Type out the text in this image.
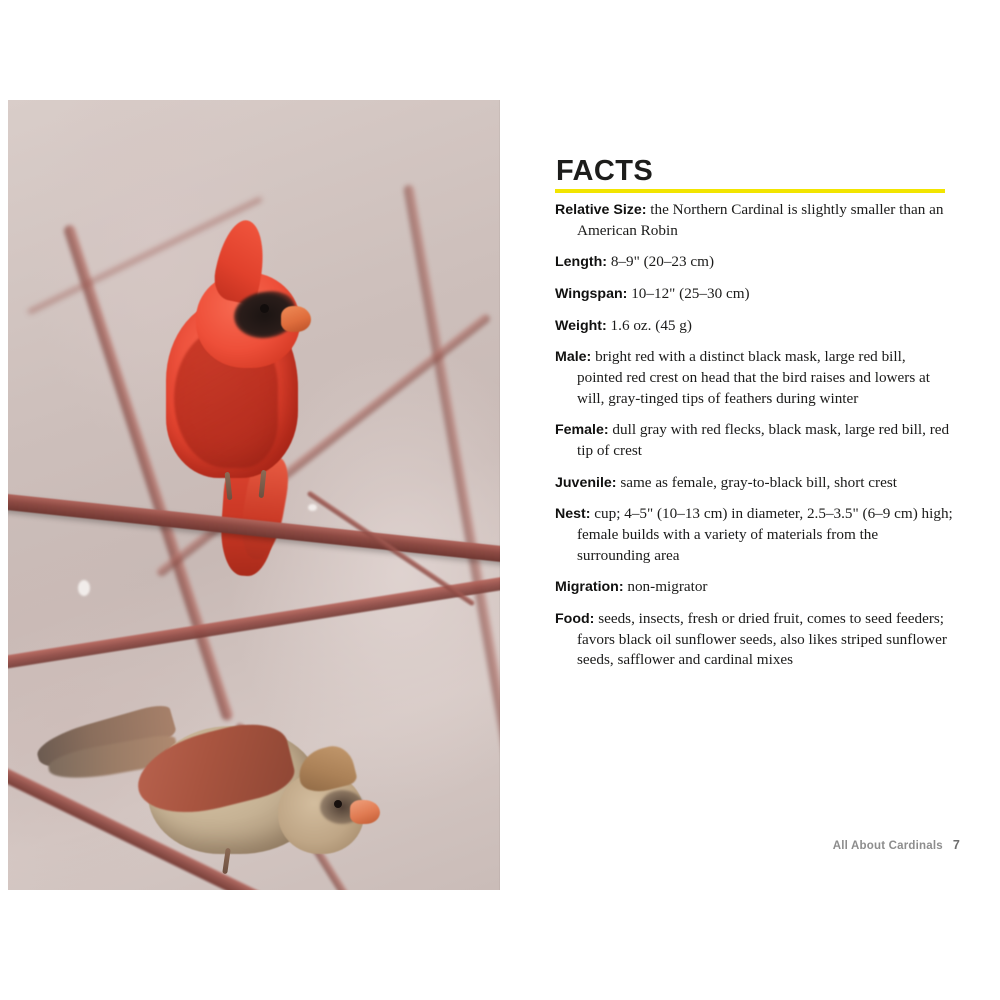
FACTS
Relative Size: the Northern Cardinal is slightly smaller than an American Robin
Length: 8–9" (20–23 cm)
Wingspan: 10–12" (25–30 cm)
Weight: 1.6 oz. (45 g)
Male: bright red with a distinct black mask, large red bill, pointed red crest on head that the bird raises and lowers at will, gray-tinged tips of feathers during winter
Female: dull gray with red flecks, black mask, large red bill, red tip of crest
Juvenile: same as female, gray-to-black bill, short crest
Nest: cup; 4–5" (10–13 cm) in diameter, 2.5–3.5" (6–9 cm) high; female builds with a variety of materials from the surrounding area
Migration: non-migrator
Food: seeds, insects, fresh or dried fruit, comes to seed feeders; favors black oil sunflower seeds, also likes striped sunflower seeds, safflower and cardinal mixes
All About Cardinals 7
